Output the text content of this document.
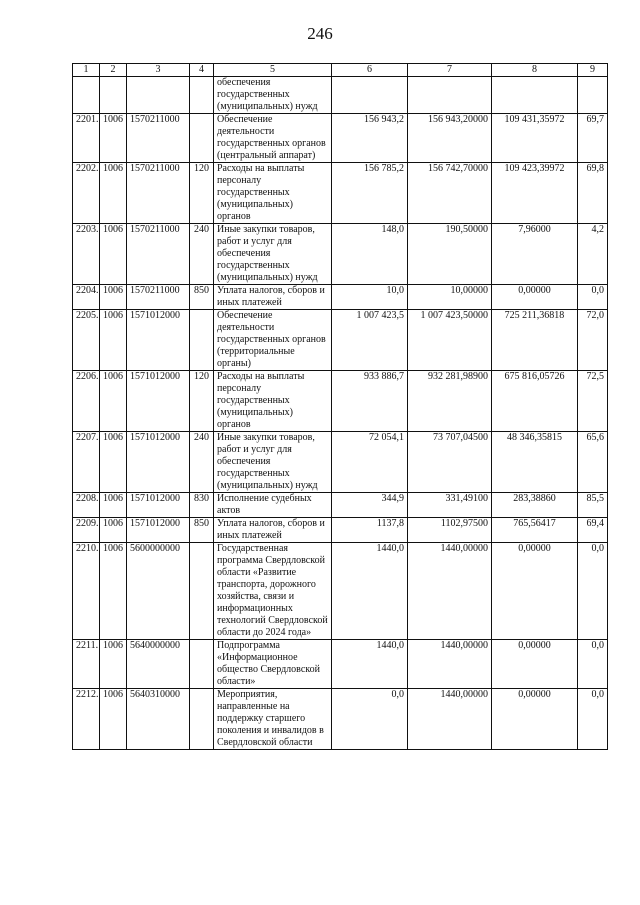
246
1	2	3	4	5	6	7	8	9
				обеспечения государственных (муниципальных) нужд				
2201.	1006	1570211000		Обеспечение деятельности государственных органов (центральный аппарат)	156 943,2	156 943,20000	109 431,35972	69,7
2202.	1006	1570211000	120	Расходы на выплаты персоналу государственных (муниципальных) органов	156 785,2	156 742,70000	109 423,39972	69,8
2203.	1006	1570211000	240	Иные закупки товаров, работ и услуг для обеспечения государственных (муниципальных) нужд	148,0	190,50000	7,96000	4,2
2204.	1006	1570211000	850	Уплата налогов, сборов и иных платежей	10,0	10,00000	0,00000	0,0
2205.	1006	1571012000		Обеспечение деятельности государственных органов (территориальные органы)	1 007 423,5	1 007 423,50000	725 211,36818	72,0
2206.	1006	1571012000	120	Расходы на выплаты персоналу государственных (муниципальных) органов	933 886,7	932 281,98900	675 816,05726	72,5
2207.	1006	1571012000	240	Иные закупки товаров, работ и услуг для обеспечения государственных (муниципальных) нужд	72 054,1	73 707,04500	48 346,35815	65,6
2208.	1006	1571012000	830	Исполнение судебных актов	344,9	331,49100	283,38860	85,5
2209.	1006	1571012000	850	Уплата налогов, сборов и иных платежей	1137,8	1102,97500	765,56417	69,4
2210.	1006	5600000000		Государственная программа Свердловской области «Развитие транспорта, дорожного хозяйства, связи и информационных технологий Свердловской области до 2024 года»	1440,0	1440,00000	0,00000	0,0
2211.	1006	5640000000		Подпрограмма «Информационное общество Свердловской области»	1440,0	1440,00000	0,00000	0,0
2212.	1006	5640310000		Мероприятия, направленные на поддержку старшего поколения и инвалидов в Свердловской области	0,0	1440,00000	0,00000	0,0
